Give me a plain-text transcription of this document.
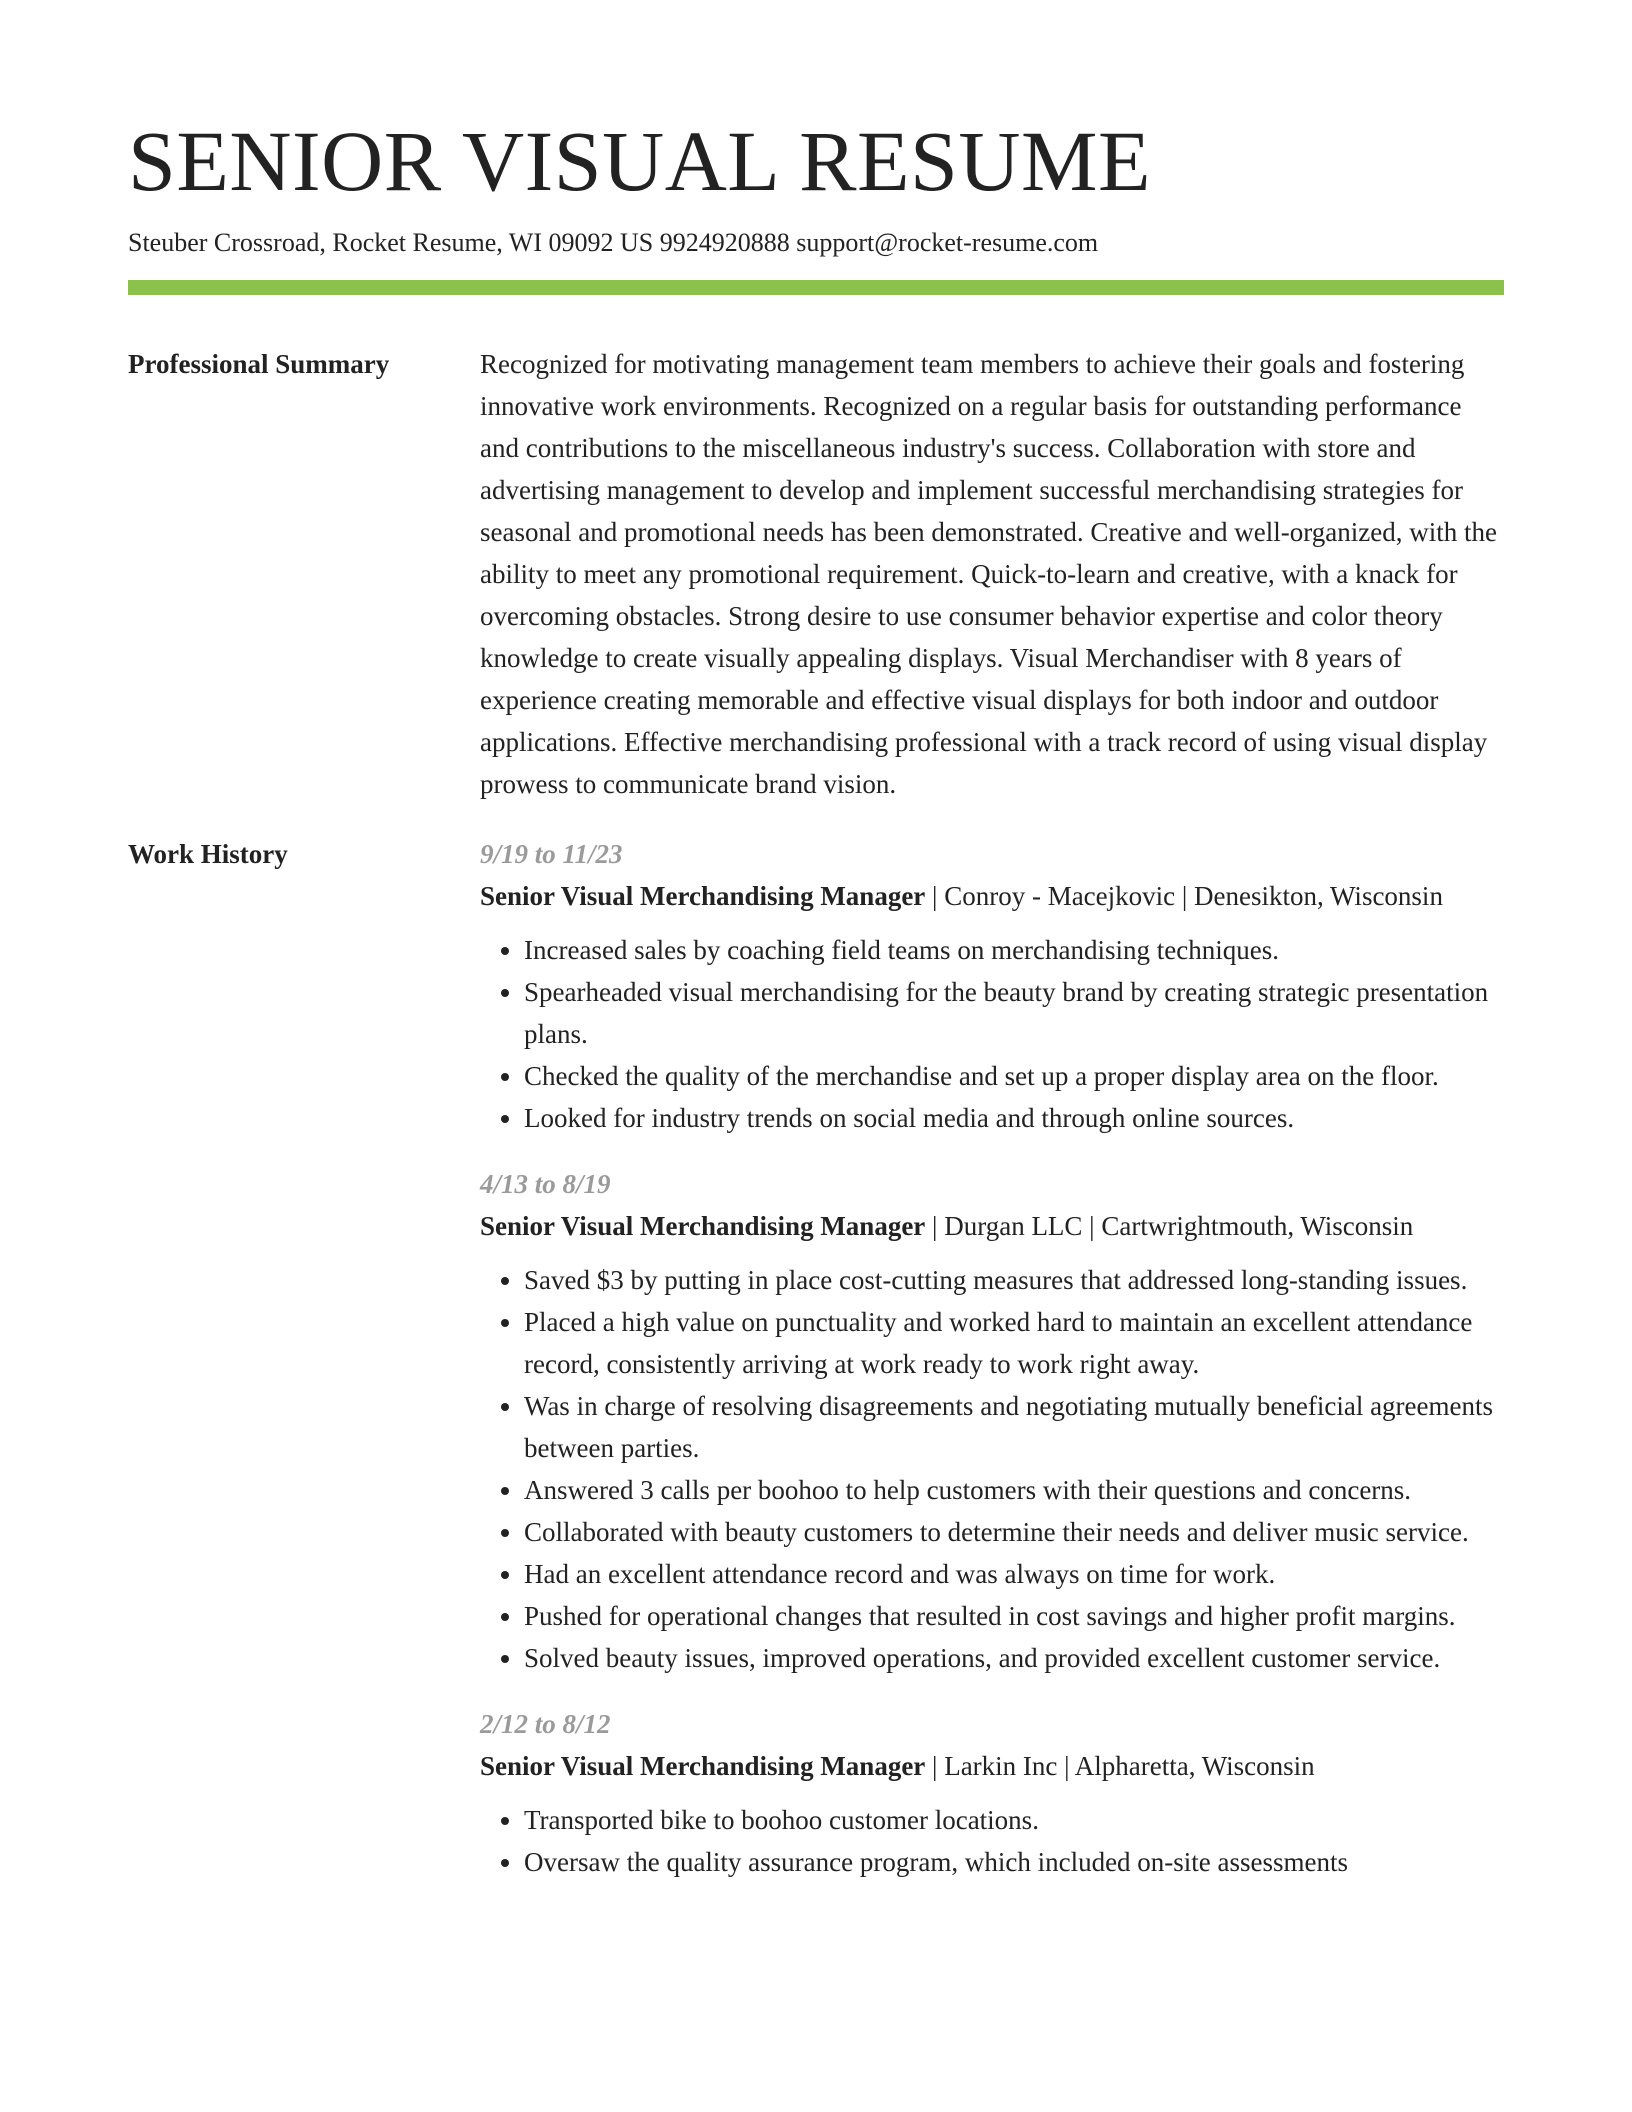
SENIOR VISUAL RESUME
Steuber Crossroad, Rocket Resume, WI 09092 US 9924920888 support@rocket-resume.com
Professional Summary	Recognized for motivating management team members to achieve their goals and fostering innovative work environments. Recognized on a regular basis for outstanding performance and contributions to the miscellaneous industry's success. Collaboration with store and advertising management to develop and implement successful merchandising strategies for seasonal and promotional needs has been demonstrated. Creative and well-organized, with the ability to meet any promotional requirement. Quick-to-learn and creative, with a knack for overcoming obstacles. Strong desire to use consumer behavior expertise and color theory knowledge to create visually appealing displays. Visual Merchandiser with 8 years of experience creating memorable and effective visual displays for both indoor and outdoor applications. Effective merchandising professional with a track record of using visual display prowess to communicate brand vision.

Work History	9/19 to 11/23
Senior Visual Merchandising Manager | Conroy - Macejkovic | Denesikton, Wisconsin
• Increased sales by coaching field teams on merchandising techniques.
• Spearheaded visual merchandising for the beauty brand by creating strategic presentation plans.
• Checked the quality of the merchandise and set up a proper display area on the floor.
• Looked for industry trends on social media and through online sources.
4/13 to 8/19
Senior Visual Merchandising Manager | Durgan LLC | Cartwrightmouth, Wisconsin
• Saved $3 by putting in place cost-cutting measures that addressed long-standing issues.
• Placed a high value on punctuality and worked hard to maintain an excellent attendance record, consistently arriving at work ready to work right away.
• Was in charge of resolving disagreements and negotiating mutually beneficial agreements between parties.
• Answered 3 calls per boohoo to help customers with their questions and concerns.
• Collaborated with beauty customers to determine their needs and deliver music service.
• Had an excellent attendance record and was always on time for work.
• Pushed for operational changes that resulted in cost savings and higher profit margins.
• Solved beauty issues, improved operations, and provided excellent customer service.
2/12 to 8/12
Senior Visual Merchandising Manager | Larkin Inc | Alpharetta, Wisconsin
• Transported bike to boohoo customer locations.
• Oversaw the quality assurance program, which included on-site assessments
